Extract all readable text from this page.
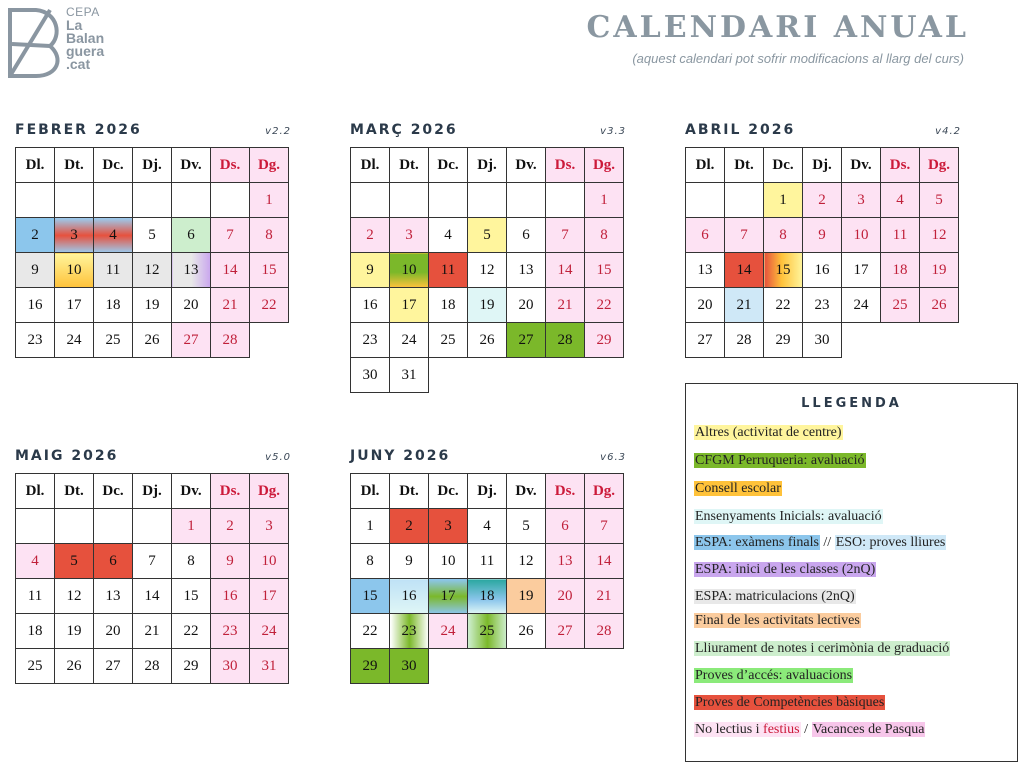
CEPA
La
Balan
guera
.cat
CALENDARI ANUAL
(aquest calendari pot sofrir modificacions al llarg del curs)
FEBRER 2026	v2.2
Dl.	Dt.	Dc.	Dj.	Dv.	Ds.	Dg.
						1
2	3	4	5	6	7	8
9	10	11	12	13	14	15
16	17	18	19	20	21	22
23	24	25	26	27	28	
MARÇ 2026	v3.3
Dl.	Dt.	Dc.	Dj.	Dv.	Ds.	Dg.
						1
2	3	4	5	6	7	8
9	10	11	12	13	14	15
16	17	18	19	20	21	22
23	24	25	26	27	28	29
30	31					
ABRIL 2026	v4.2
Dl.	Dt.	Dc.	Dj.	Dv.	Ds.	Dg.
		1	2	3	4	5
6	7	8	9	10	11	12
13	14	15	16	17	18	19
20	21	22	23	24	25	26
27	28	29	30			
MAIG 2026	v5.0
Dl.	Dt.	Dc.	Dj.	Dv.	Ds.	Dg.
				1	2	3
4	5	6	7	8	9	10
11	12	13	14	15	16	17
18	19	20	21	22	23	24
25	26	27	28	29	30	31
JUNY 2026	v6.3
Dl.	Dt.	Dc.	Dj.	Dv.	Ds.	Dg.
1	2	3	4	5	6	7
8	9	10	11	12	13	14
15	16	17	18	19	20	21
22	23	24	25	26	27	28
29	30					
LLEGENDA
Altres (activitat de centre)
CFGM Perruqueria: avaluació
Consell escolar
Ensenyaments Inicials: avaluació
ESPA: exàmens finals // ESO: proves lliures
ESPA: inici de les classes (2nQ)
ESPA: matriculacions (2nQ)
Final de les activitats lectives
Lliurament de notes i cerimònia de graduació
Proves d’accés: avaluacions
Proves de Competències bàsiques
No lectius i festius / Vacances de Pasqua
